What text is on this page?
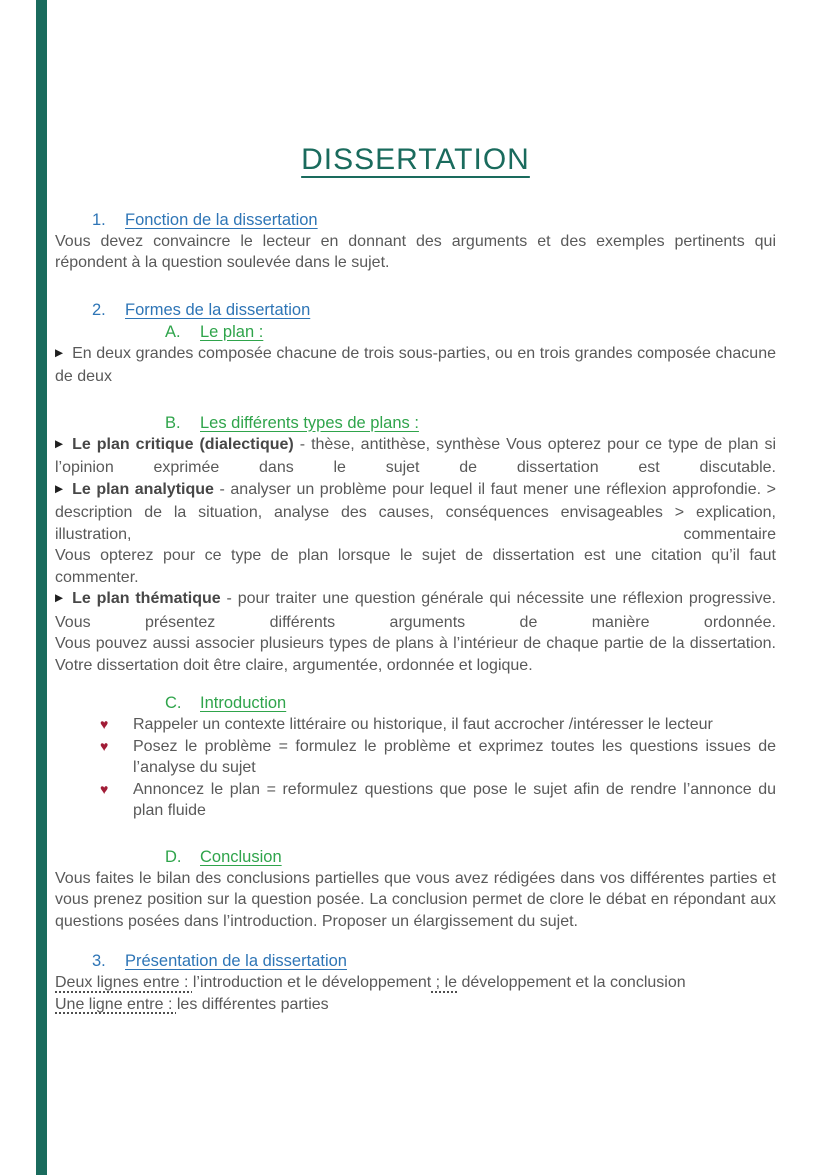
DISSERTATION
1.	Fonction de la dissertation

Vous devez convaincre le lecteur en donnant des arguments et des exemples pertinents qui répondent à la question soulevée dans le sujet.

2.	Formes de la dissertation
A.	Le plan :

▶ En deux grandes composée chacune de trois sous-parties, ou en trois grandes composée chacune de deux

B.	Les différents types de plans :

▶ Le plan critique (dialectique) - thèse, antithèse, synthèse Vous opterez pour ce type de plan si l’opinion exprimée dans le sujet de dissertation est discutable.

▶ Le plan analytique - analyser un problème pour lequel il faut mener une réflexion approfondie. > description de la situation, analyse des causes, conséquences envisageables > explication, illustration, commentaire

Vous opterez pour ce type de plan lorsque le sujet de dissertation est une citation qu’il faut commenter.

▶ Le plan thématique - pour traiter une question générale qui nécessite une réflexion progressive. Vous présentez différents arguments de manière ordonnée.

Vous pouvez aussi associer plusieurs types de plans à l’intérieur de chaque partie de la dissertation.

Votre dissertation doit être claire, argumentée, ordonnée et logique.

C.	Introduction
♥ Rappeler un contexte littéraire ou historique, il faut accrocher /intéresser le lecteur
♥ Posez le problème = formulez le problème et exprimez toutes les questions issues de l’analyse du sujet
♥ Annoncez le plan = reformulez questions que pose le sujet afin de rendre l’annonce du plan fluide
D.	Conclusion

Vous faites le bilan des conclusions partielles que vous avez rédigées dans vos différentes parties et vous prenez position sur la question posée. La conclusion permet de clore le débat en répondant aux questions posées dans l’introduction. Proposer un élargissement du sujet.

3.	Présentation de la dissertation

Deux lignes entre : l’introduction et le développement ; le développement et la conclusion

Une ligne entre : les différentes parties
